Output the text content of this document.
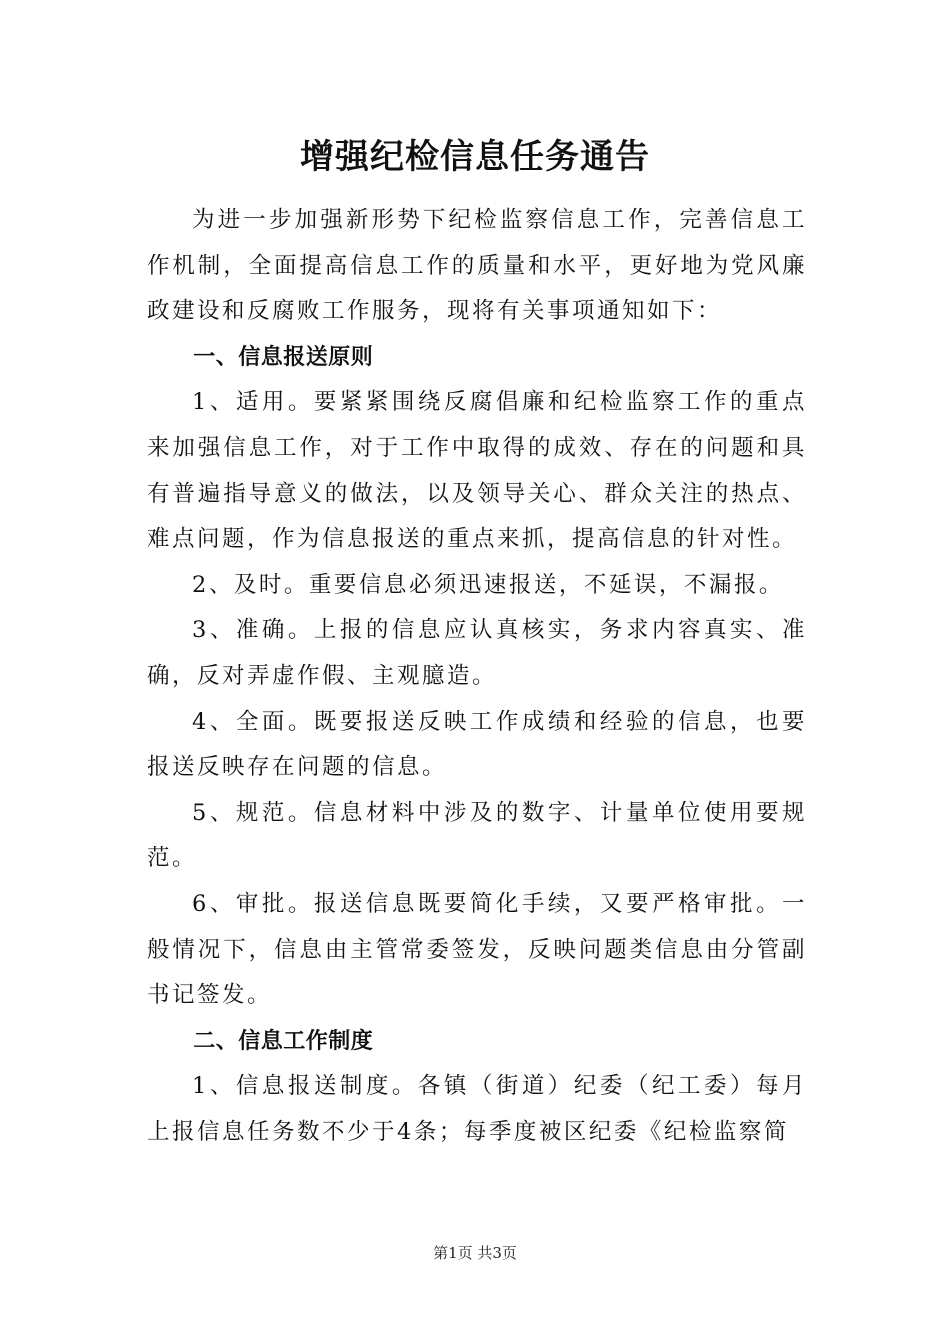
增强纪检信息任务通告

为进一步加强新形势下纪检监察信息工作，完善信息工作机制，全面提高信息工作的质量和水平，更好地为党风廉政建设和反腐败工作服务，现将有关事项通知如下：

一、信息报送原则

1、适用。要紧紧围绕反腐倡廉和纪检监察工作的重点来加强信息工作，对于工作中取得的成效、存在的问题和具有普遍指导意义的做法，以及领导关心、群众关注的热点、难点问题，作为信息报送的重点来抓，提高信息的针对性。

2、及时。重要信息必须迅速报送，不延误，不漏报。

3、准确。上报的信息应认真核实，务求内容真实、准确，反对弄虚作假、主观臆造。

4、全面。既要报送反映工作成绩和经验的信息，也要报送反映存在问题的信息。

5、规范。信息材料中涉及的数字、计量单位使用要规范。

6、审批。报送信息既要简化手续，又要严格审批。一般情况下，信息由主管常委签发，反映问题类信息由分管副书记签发。

二、信息工作制度

1、信息报送制度。各镇（街道）纪委（纪工委）每月上报信息任务数不少于4条；每季度被区纪委《纪检监察简

第1页 共3页
